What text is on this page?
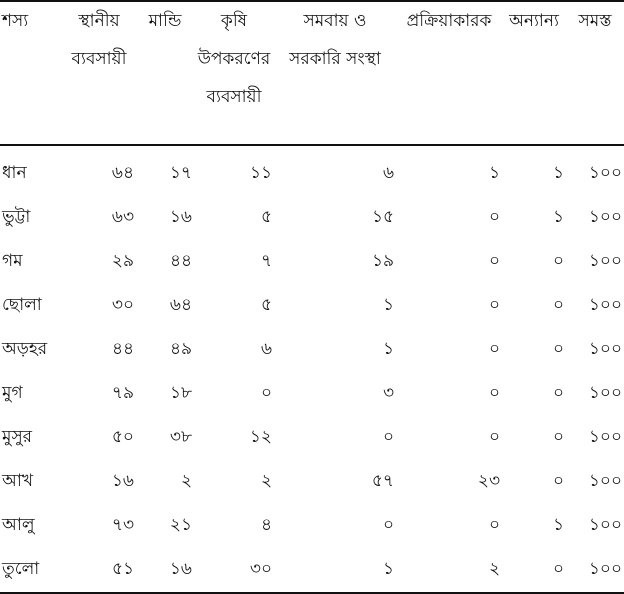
শস্য	স্থানীয় ব্যবসায়ী	মান্ডি	কৃষি উপকরণের ব্যবসায়ী	সমবায় ও সরকারি সংস্থা	প্রক্রিয়াকারক	অন্যান্য	সমস্ত
ধান	৬৪	১৭	১১	৬	১	১	১০০
ভুট্টা	৬৩	১৬	৫	১৫	০	১	১০০
গম	২৯	৪৪	৭	১৯	০	০	১০০
ছোলা	৩০	৬৪	৫	১	০	০	১০০
অড়হর	৪৪	৪৯	৬	১	০	০	১০০
মুগ	৭৯	১৮	০	৩	০	০	১০০
মুসুর	৫০	৩৮	১২	০	০	০	১০০
আখ	১৬	২	২	৫৭	২৩	০	১০০
আলু	৭৩	২১	৪	০	০	১	১০০
তুলো	৫১	১৬	৩০	১	২	০	১০০
